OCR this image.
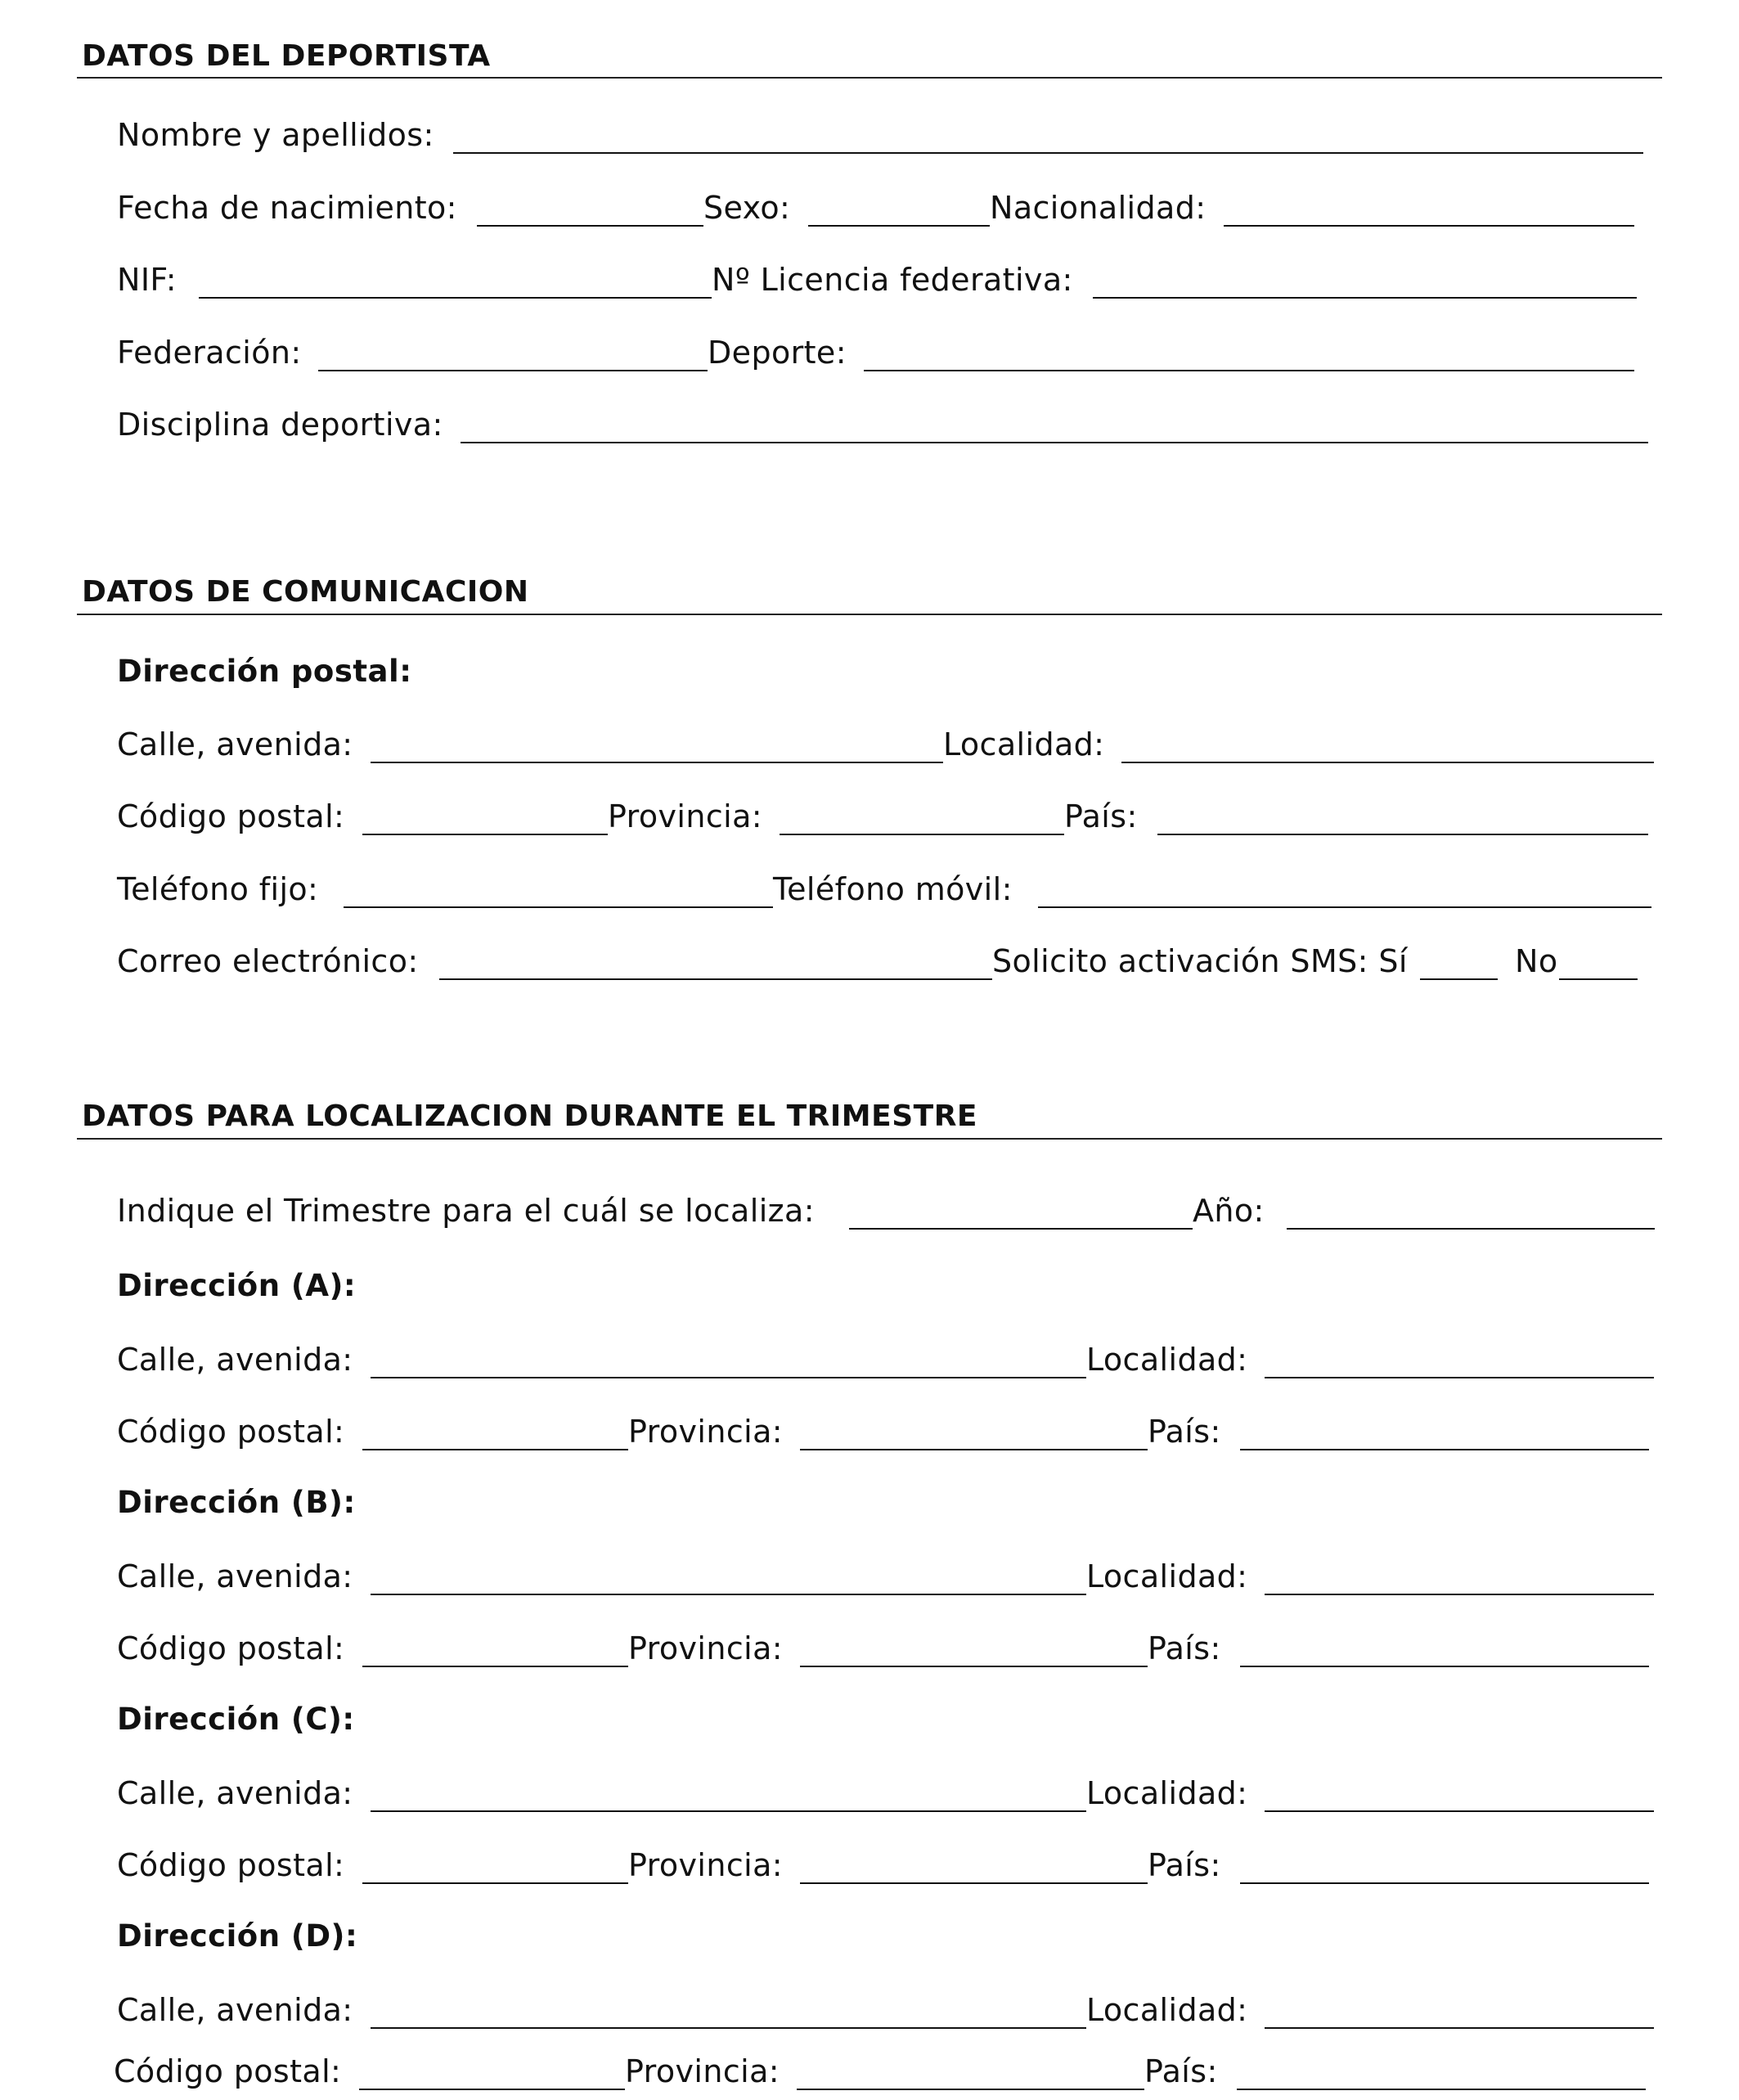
DATOS DEL DEPORTISTA
Nombre y apellidos:
Fecha de nacimiento:	Sexo:	Nacionalidad:
NIF:	Nº Licencia federativa:
Federación:	Deporte:
Disciplina deportiva:
DATOS DE COMUNICACION
Dirección postal:
Calle, avenida:	Localidad:
Código postal:	Provincia:	País:
Teléfono fijo:	Teléfono móvil:
Correo electrónico:	Solicito activación SMS: Sí	No
DATOS PARA LOCALIZACION DURANTE EL TRIMESTRE
Indique el Trimestre para el cuál se localiza:	Año:
Dirección (A):
Calle, avenida:	Localidad:
Código postal:	Provincia:	País:
Dirección (B):
Calle, avenida:	Localidad:
Código postal:	Provincia:	País:
Dirección (C):
Calle, avenida:	Localidad:
Código postal:	Provincia:	País:
Dirección (D):
Calle, avenida:	Localidad:
Código postal:	Provincia:	País:
